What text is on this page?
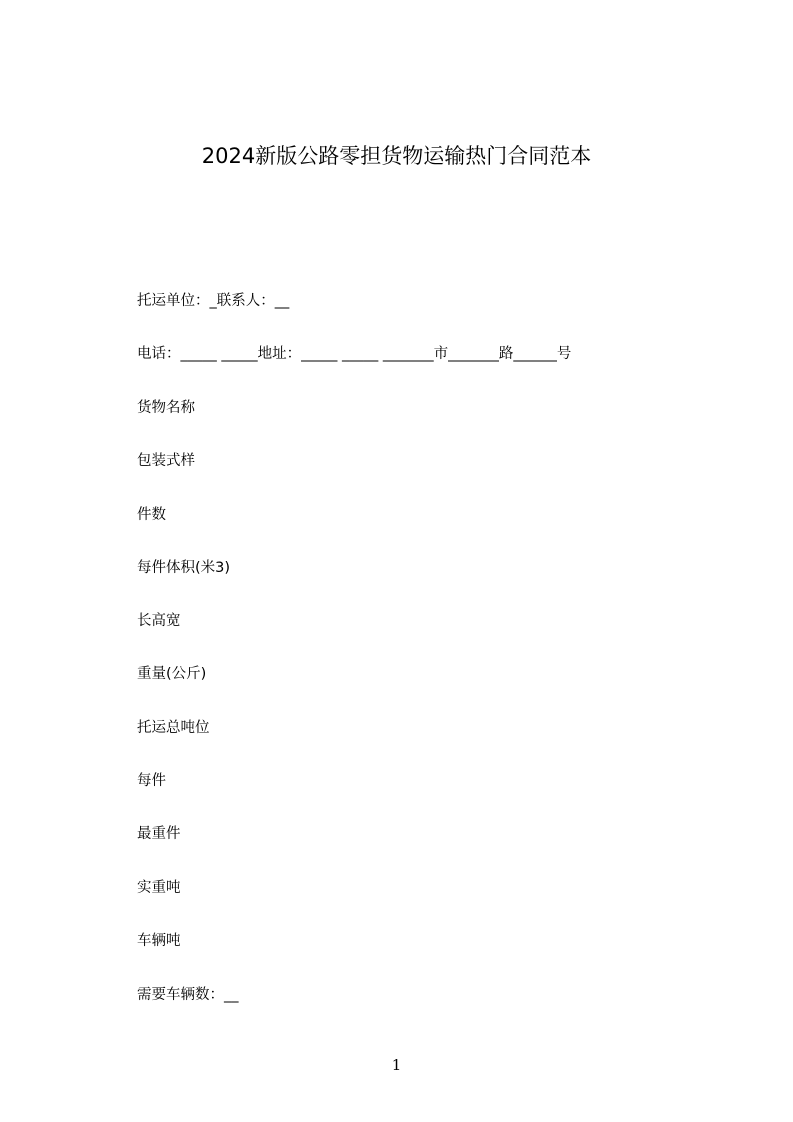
2024新版公路零担货物运输热门合同范本
托运单位：_联系人：__
电话：_____ _____地址：_____ _____ _______市_______路______号
货物名称
包装式样
件数
每件体积(米3)
长高宽
重量(公斤)
托运总吨位
每件
最重件
实重吨
车辆吨
需要车辆数：__
1
